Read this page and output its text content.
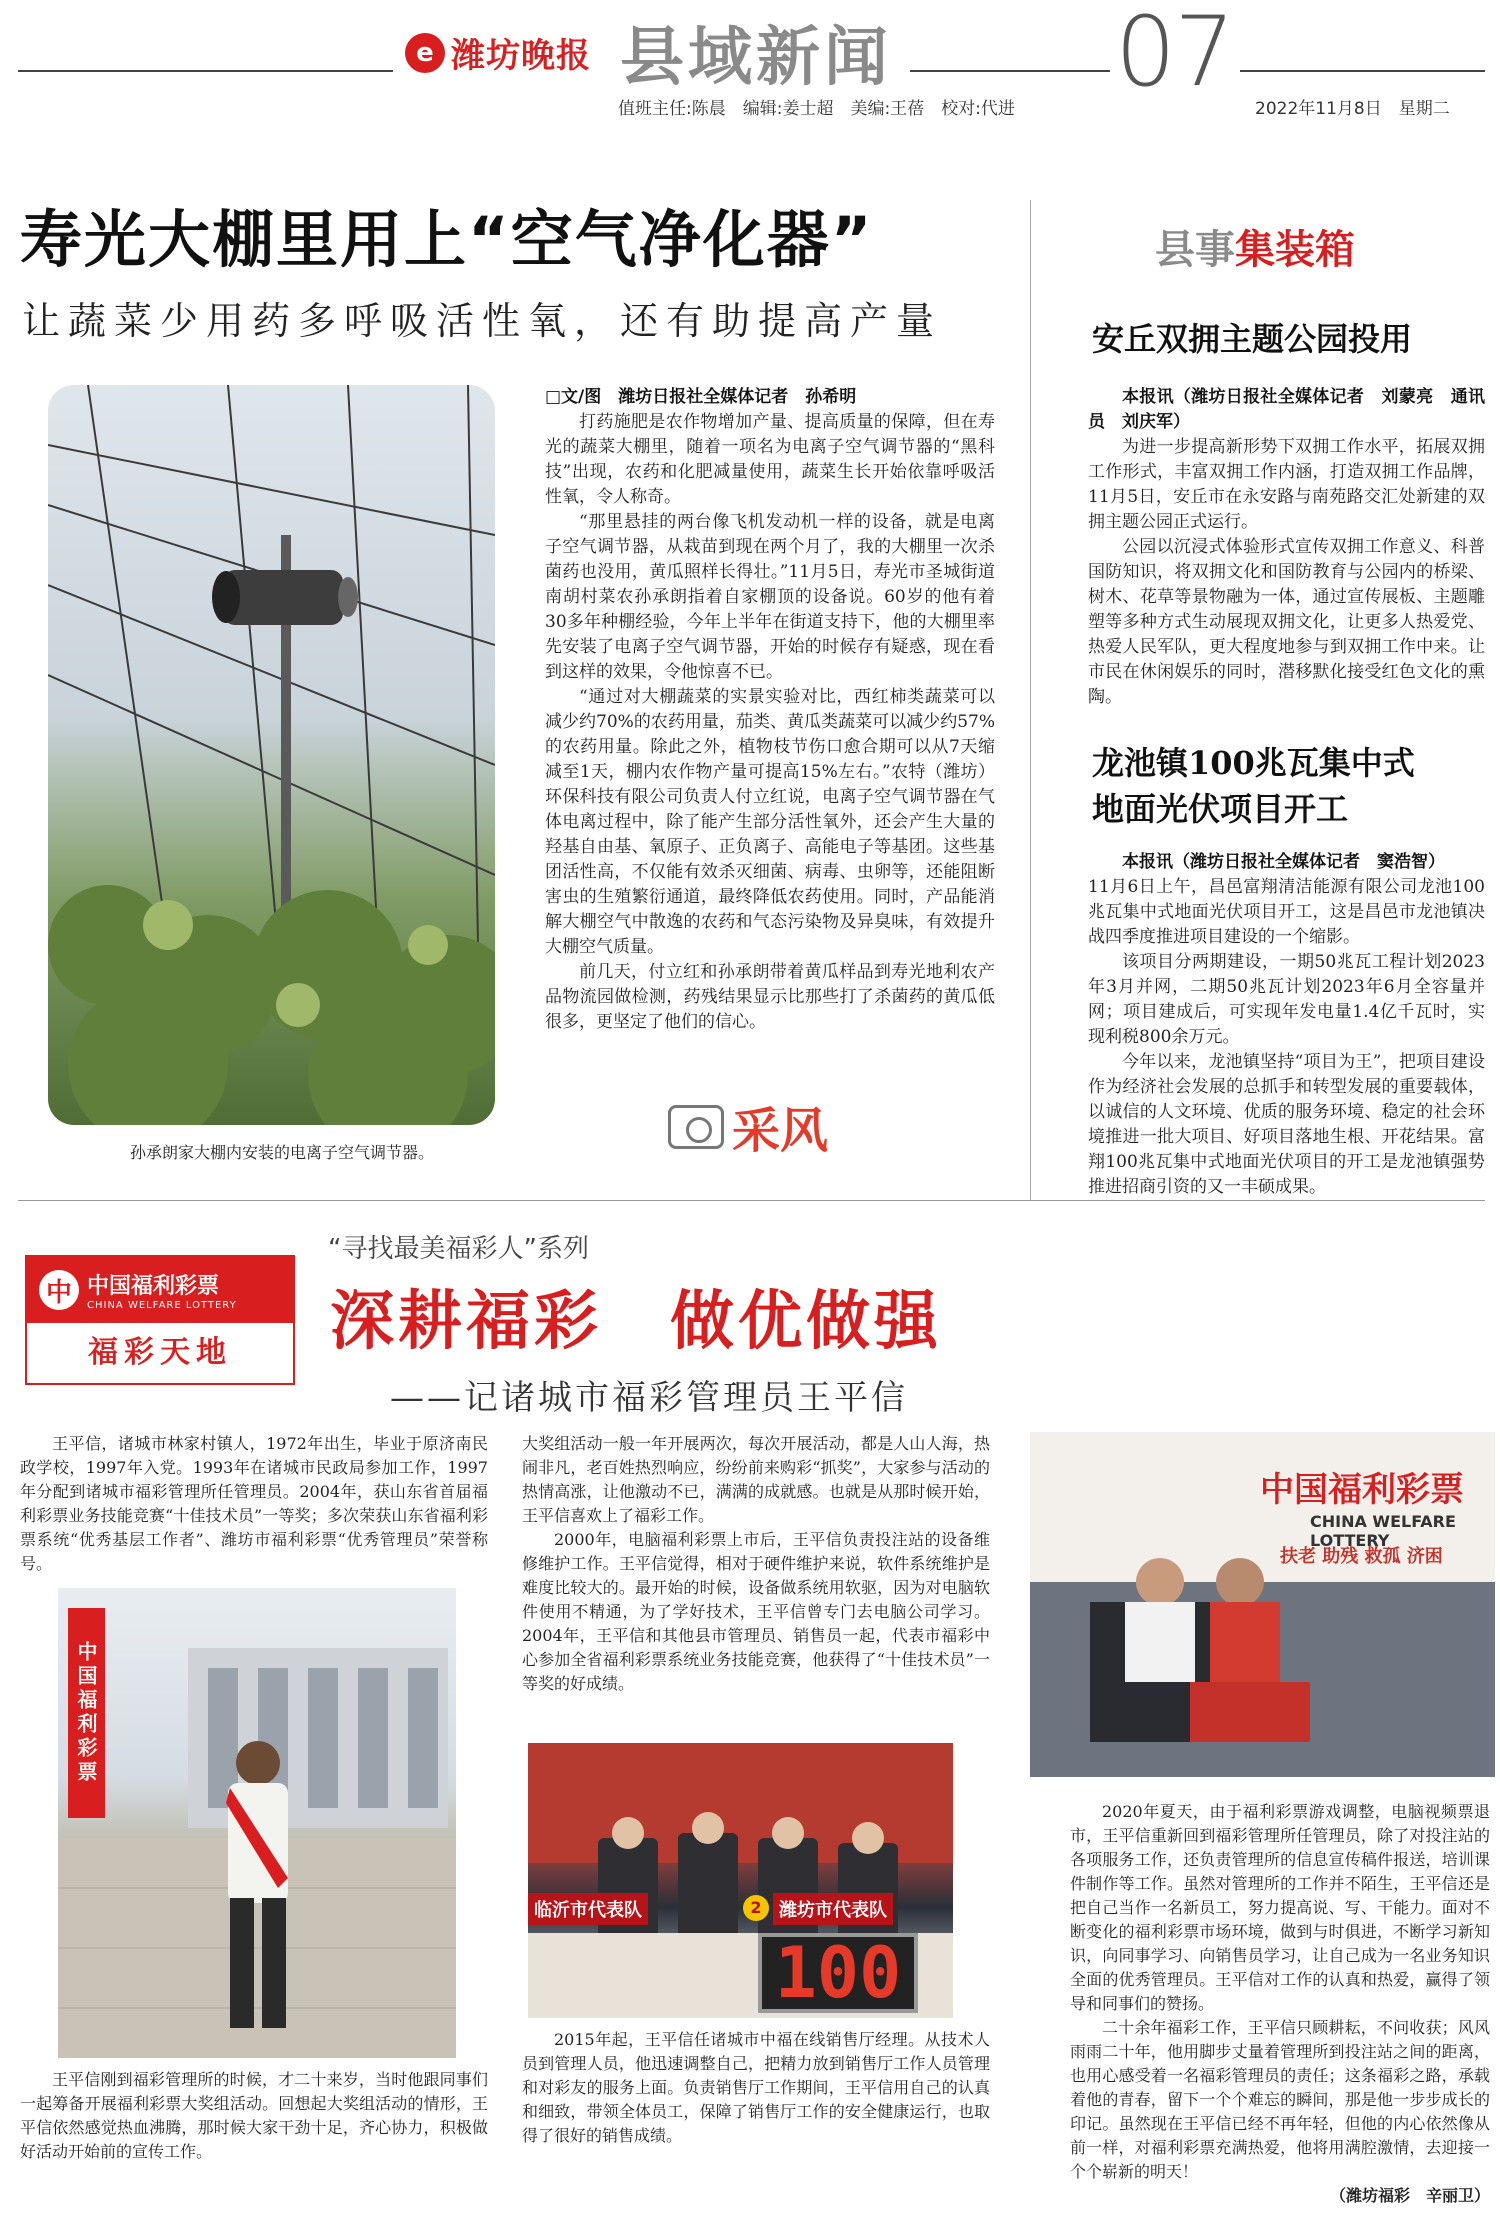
e 潍坊晚报 县域新闻 07
值班主任:陈晨　编辑:姜士超　美编:王蓓　校对:代进	2022年11月8日　星期二
寿光大棚里用上“空气净化器”
让蔬菜少用药多呼吸活性氧，还有助提高产量
孙承朗家大棚内安装的电离子空气调节器。

□文/图　潍坊日报社全媒体记者　孙希明

打药施肥是农作物增加产量、提高质量的保障，但在寿光的蔬菜大棚里，随着一项名为电离子空气调节器的“黑科技”出现，农药和化肥减量使用，蔬菜生长开始依靠呼吸活性氧，令人称奇。

“那里悬挂的两台像飞机发动机一样的设备，就是电离子空气调节器，从栽苗到现在两个月了，我的大棚里一次杀菌药也没用，黄瓜照样长得壮。”11月5日，寿光市圣城街道南胡村菜农孙承朗指着自家棚顶的设备说。60岁的他有着30多年种棚经验，今年上半年在街道支持下，他的大棚里率先安装了电离子空气调节器，开始的时候存有疑惑，现在看到这样的效果，令他惊喜不已。

“通过对大棚蔬菜的实景实验对比，西红柿类蔬菜可以减少约70%的农药用量，茄类、黄瓜类蔬菜可以减少约57%的农药用量。除此之外，植物枝节伤口愈合期可以从7天缩减至1天，棚内农作物产量可提高15%左右。”农特（潍坊）环保科技有限公司负责人付立红说，电离子空气调节器在气体电离过程中，除了能产生部分活性氧外，还会产生大量的羟基自由基、氧原子、正负离子、高能电子等基团。这些基团活性高，不仅能有效杀灭细菌、病毒、虫卵等，还能阻断害虫的生殖繁衍通道，最终降低农药使用。同时，产品能消解大棚空气中散逸的农药和气态污染物及异臭味，有效提升大棚空气质量。

前几天，付立红和孙承朗带着黄瓜样品到寿光地利农产品物流园做检测，药残结果显示比那些打了杀菌药的黄瓜低很多，更坚定了他们的信心。

采风
县事集装箱
安丘双拥主题公园投用

本报讯（潍坊日报社全媒体记者　刘蒙亮　通讯员　刘庆军）

为进一步提高新形势下双拥工作水平，拓展双拥工作形式，丰富双拥工作内涵，打造双拥工作品牌，11月5日，安丘市在永安路与南苑路交汇处新建的双拥主题公园正式运行。

公园以沉浸式体验形式宣传双拥工作意义、科普国防知识，将双拥文化和国防教育与公园内的桥梁、树木、花草等景物融为一体，通过宣传展板、主题雕塑等多种方式生动展现双拥文化，让更多人热爱党、热爱人民军队，更大程度地参与到双拥工作中来。让市民在休闲娱乐的同时，潜移默化接受红色文化的熏陶。

龙池镇100兆瓦集中式
地面光伏项目开工

本报讯（潍坊日报社全媒体记者　窦浩智）

11月6日上午，昌邑富翔清洁能源有限公司龙池100兆瓦集中式地面光伏项目开工，这是昌邑市龙池镇决战四季度推进项目建设的一个缩影。

该项目分两期建设，一期50兆瓦工程计划2023年3月并网，二期50兆瓦计划2023年6月全容量并网；项目建成后，可实现年发电量1.4亿千瓦时，实现利税800余万元。

今年以来，龙池镇坚持“项目为王”，把项目建设作为经济社会发展的总抓手和转型发展的重要载体，以诚信的人文环境、优质的服务环境、稳定的社会环境推进一批大项目、好项目落地生根、开花结果。富翔100兆瓦集中式地面光伏项目的开工是龙池镇强势推进招商引资的又一丰硕成果。

中 中国福利彩票
CHINA WELFARE LOTTERY
福彩天地
“寻找最美福彩人”系列
深耕福彩　做优做强
——记诸城市福彩管理员王平信

王平信，诸城市林家村镇人，1972年出生，毕业于原济南民政学校，1997年入党。1993年在诸城市民政局参加工作，1997年分配到诸城市福彩管理所任管理员。2004年，获山东省首届福利彩票业务技能竞赛“十佳技术员”一等奖；多次荣获山东省福利彩票系统“优秀基层工作者”、潍坊市福利彩票“优秀管理员”荣誉称号。

中国福利彩票

王平信刚到福彩管理所的时候，才二十来岁，当时他跟同事们一起筹备开展福利彩票大奖组活动。回想起大奖组活动的情形，王平信依然感觉热血沸腾，那时候大家干劲十足，齐心协力，积极做好活动开始前的宣传工作。

大奖组活动一般一年开展两次，每次开展活动，都是人山人海，热闹非凡，老百姓热烈响应，纷纷前来购彩“抓奖”，大家参与活动的热情高涨，让他激动不已，满满的成就感。也就是从那时候开始，王平信喜欢上了福彩工作。

2000年，电脑福利彩票上市后，王平信负责投注站的设备维修维护工作。王平信觉得，相对于硬件维护来说，软件系统维护是难度比较大的。最开始的时候，设备做系统用软驱，因为对电脑软件使用不精通，为了学好技术，王平信曾专门去电脑公司学习。2004年，王平信和其他县市管理员、销售员一起，代表市福彩中心参加全省福利彩票系统业务技能竞赛，他获得了“十佳技术员”一等奖的好成绩。

临沂市代表队	潍坊市代表队
2
100

2015年起，王平信任诸城市中福在线销售厅经理。从技术人员到管理人员，他迅速调整自己，把精力放到销售厅工作人员管理和对彩友的服务上面。负责销售厅工作期间，王平信用自己的认真和细致，带领全体员工，保障了销售厅工作的安全健康运行，也取得了很好的销售成绩。

中国福利彩票
CHINA WELFARE LOTTERY
扶老 助残 救孤 济困

2020年夏天，由于福利彩票游戏调整，电脑视频票退市，王平信重新回到福彩管理所任管理员，除了对投注站的各项服务工作，还负责管理所的信息宣传稿件报送，培训课件制作等工作。虽然对管理所的工作并不陌生，王平信还是把自己当作一名新员工，努力提高说、写、干能力。面对不断变化的福利彩票市场环境，做到与时俱进，不断学习新知识，向同事学习、向销售员学习，让自己成为一名业务知识全面的优秀管理员。王平信对工作的认真和热爱，赢得了领导和同事们的赞扬。

二十余年福彩工作，王平信只顾耕耘，不问收获；风风雨雨二十年，他用脚步丈量着管理所到投注站之间的距离，也用心感受着一名福彩管理员的责任；这条福彩之路，承载着他的青春，留下一个个难忘的瞬间，那是他一步步成长的印记。虽然现在王平信已经不再年轻，但他的内心依然像从前一样，对福利彩票充满热爱，他将用满腔激情，去迎接一个个崭新的明天！

（潍坊福彩　辛丽卫）
